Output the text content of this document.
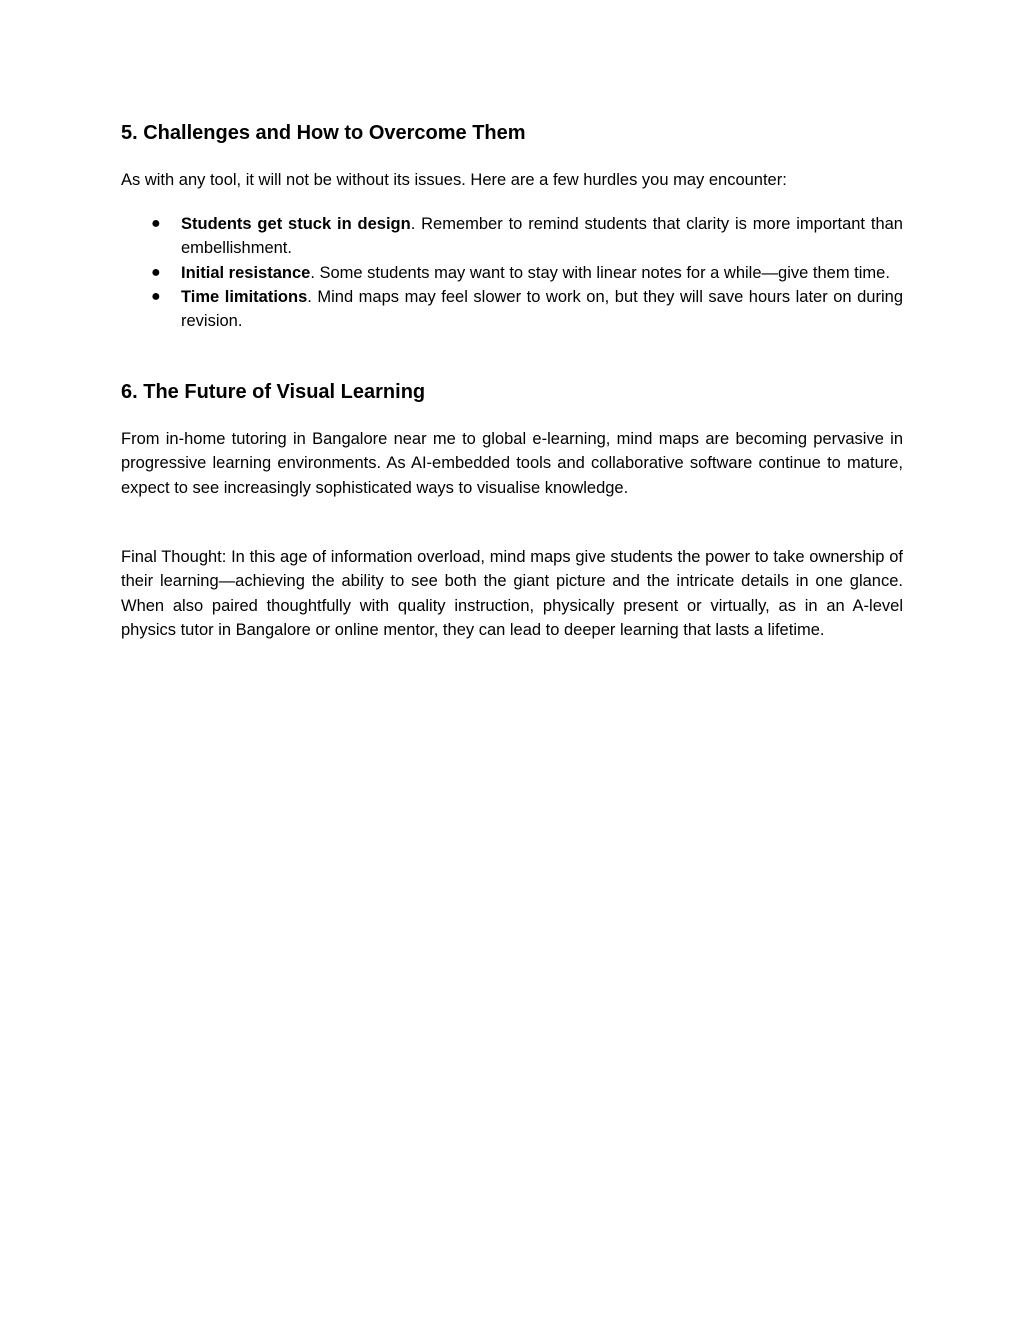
5. Challenges and How to Overcome Them

As with any tool, it will not be without its issues. Here are a few hurdles you may encounter:

● Students get stuck in design. Remember to remind students that clarity is more important than embellishment.
● Initial resistance. Some students may want to stay with linear notes for a while—give them time.
● Time limitations. Mind maps may feel slower to work on, but they will save hours later on during revision.
6. The Future of Visual Learning

From in-home tutoring in Bangalore near me to global e-learning, mind maps are becoming pervasive in progressive learning environments. As AI-embedded tools and collaborative software continue to mature, expect to see increasingly sophisticated ways to visualise knowledge.

Final Thought: In this age of information overload, mind maps give students the power to take ownership of their learning—achieving the ability to see both the giant picture and the intricate details in one glance. When also paired thoughtfully with quality instruction, physically present or virtually, as in an A-level physics tutor in Bangalore or online mentor, they can lead to deeper learning that lasts a lifetime.
